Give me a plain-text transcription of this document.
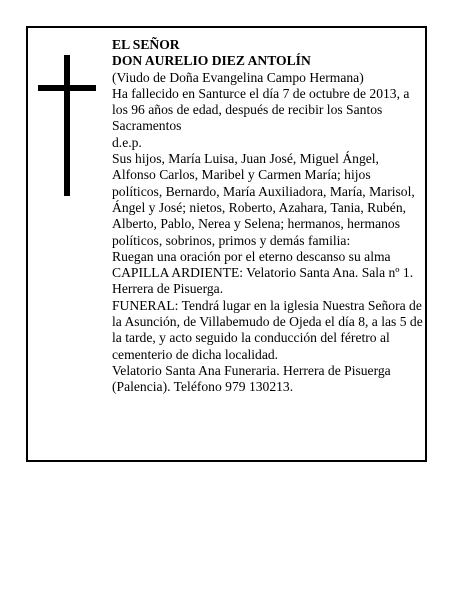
EL SEÑOR

DON AURELIO DIEZ ANTOLÍN

(Viudo de Doña Evangelina Campo Hermana)

Ha fallecido en Santurce el día 7 de octubre de 2013, a los 96 años de edad, después de recibir los Santos Sacramentos

d.e.p.

Sus hijos, María Luisa, Juan José, Miguel Ángel, Alfonso Carlos, Maribel y Carmen María; hijos políticos, Bernardo, María Auxiliadora, María, Marisol, Ángel y José; nietos, Roberto, Azahara, Tania, Rubén, Alberto, Pablo, Nerea y Selena; hermanos, hermanos políticos, sobrinos, primos y demás familia:

Ruegan una oración por el eterno descanso su alma

CAPILLA ARDIENTE: Velatorio Santa Ana. Sala nº 1. Herrera de Pisuerga.

FUNERAL: Tendrá lugar en la iglesia Nuestra Señora de la Asunción, de Villabemudo de Ojeda el día 8, a las 5 de la tarde, y acto seguido la conducción del féretro al cementerio de dicha localidad.

Velatorio Santa Ana Funeraria. Herrera de Pisuerga (Palencia). Teléfono 979 130213.
